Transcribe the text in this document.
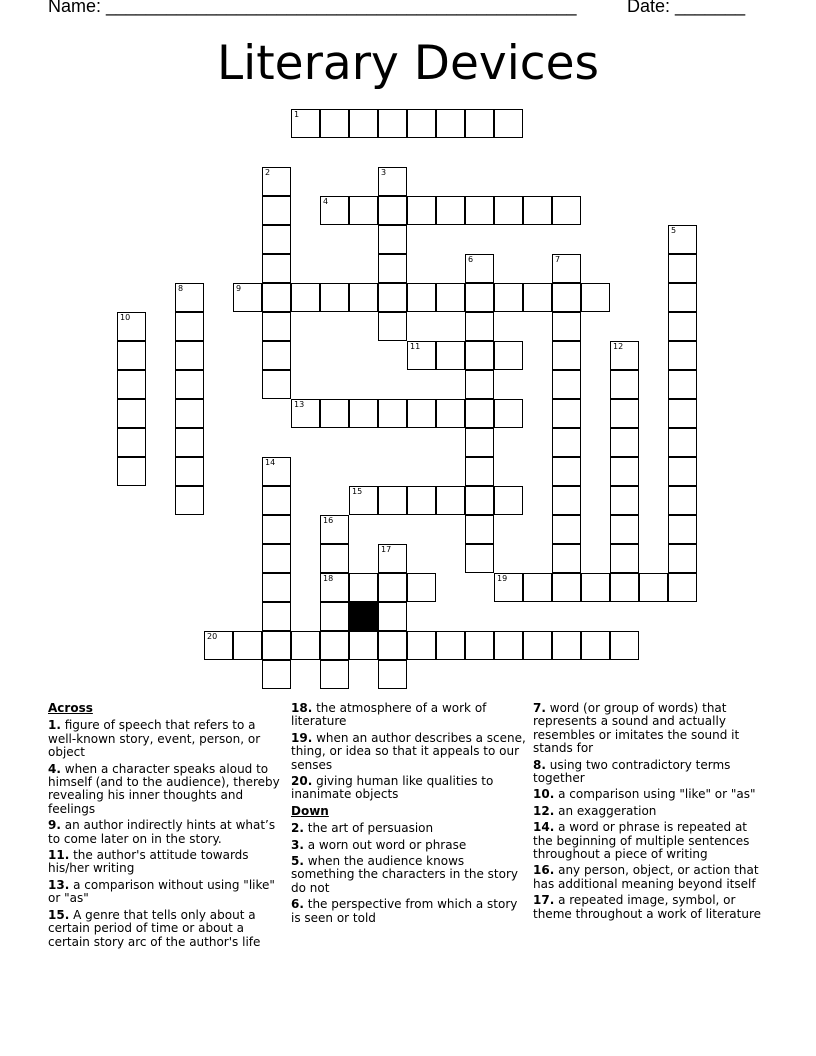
Name: _______________________________________________	Date: _______
Literary Devices
1
2	3
4
5
6	7
8	9
10
11	12
13
14
15
16
17
18	19
20
Across
1. figure of speech that refers to a well-known story, event, person, or object
4. when a character speaks aloud to himself (and to the audience), thereby revealing his inner thoughts and feelings
9. an author indirectly hints at what’s to come later on in the story.
11. the author's attitude towards his/her writing
13. a comparison without using "like" or "as"
15. A genre that tells only about a certain period of time or about a certain story arc of the author's life
18. the atmosphere of a work of literature
19. when an author describes a scene, thing, or idea so that it appeals to our senses
20. giving human like qualities to inanimate objects
Down
2. the art of persuasion
3. a worn out word or phrase
5. when the audience knows something the characters in the story do not
6. the perspective from which a story is seen or told
7. word (or group of words) that represents a sound and actually resembles or imitates the sound it stands for
8. using two contradictory terms together
10. a comparison using "like" or "as"
12. an exaggeration
14. a word or phrase is repeated at the beginning of multiple sentences throughout a piece of writing
16. any person, object, or action that has additional meaning beyond itself
17. a repeated image, symbol, or theme throughout a work of literature
